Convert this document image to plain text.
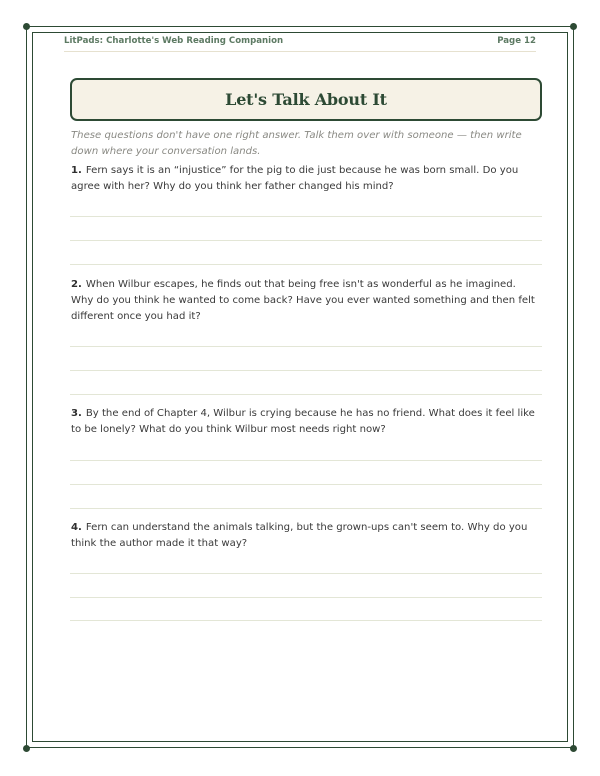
LitPads: Charlotte's Web Reading Companion	Page 12
Let's Talk About It
These questions don't have one right answer. Talk them over with someone — then write down where your conversation lands.
1. Fern says it is an “injustice” for the pig to die just because he was born small. Do you agree with her? Why do you think her father changed his mind?
2. When Wilbur escapes, he finds out that being free isn't as wonderful as he imagined. Why do you think he wanted to come back? Have you ever wanted something and then felt different once you had it?
3. By the end of Chapter 4, Wilbur is crying because he has no friend. What does it feel like to be lonely? What do you think Wilbur most needs right now?
4. Fern can understand the animals talking, but the grown-ups can't seem to. Why do you think the author made it that way?
